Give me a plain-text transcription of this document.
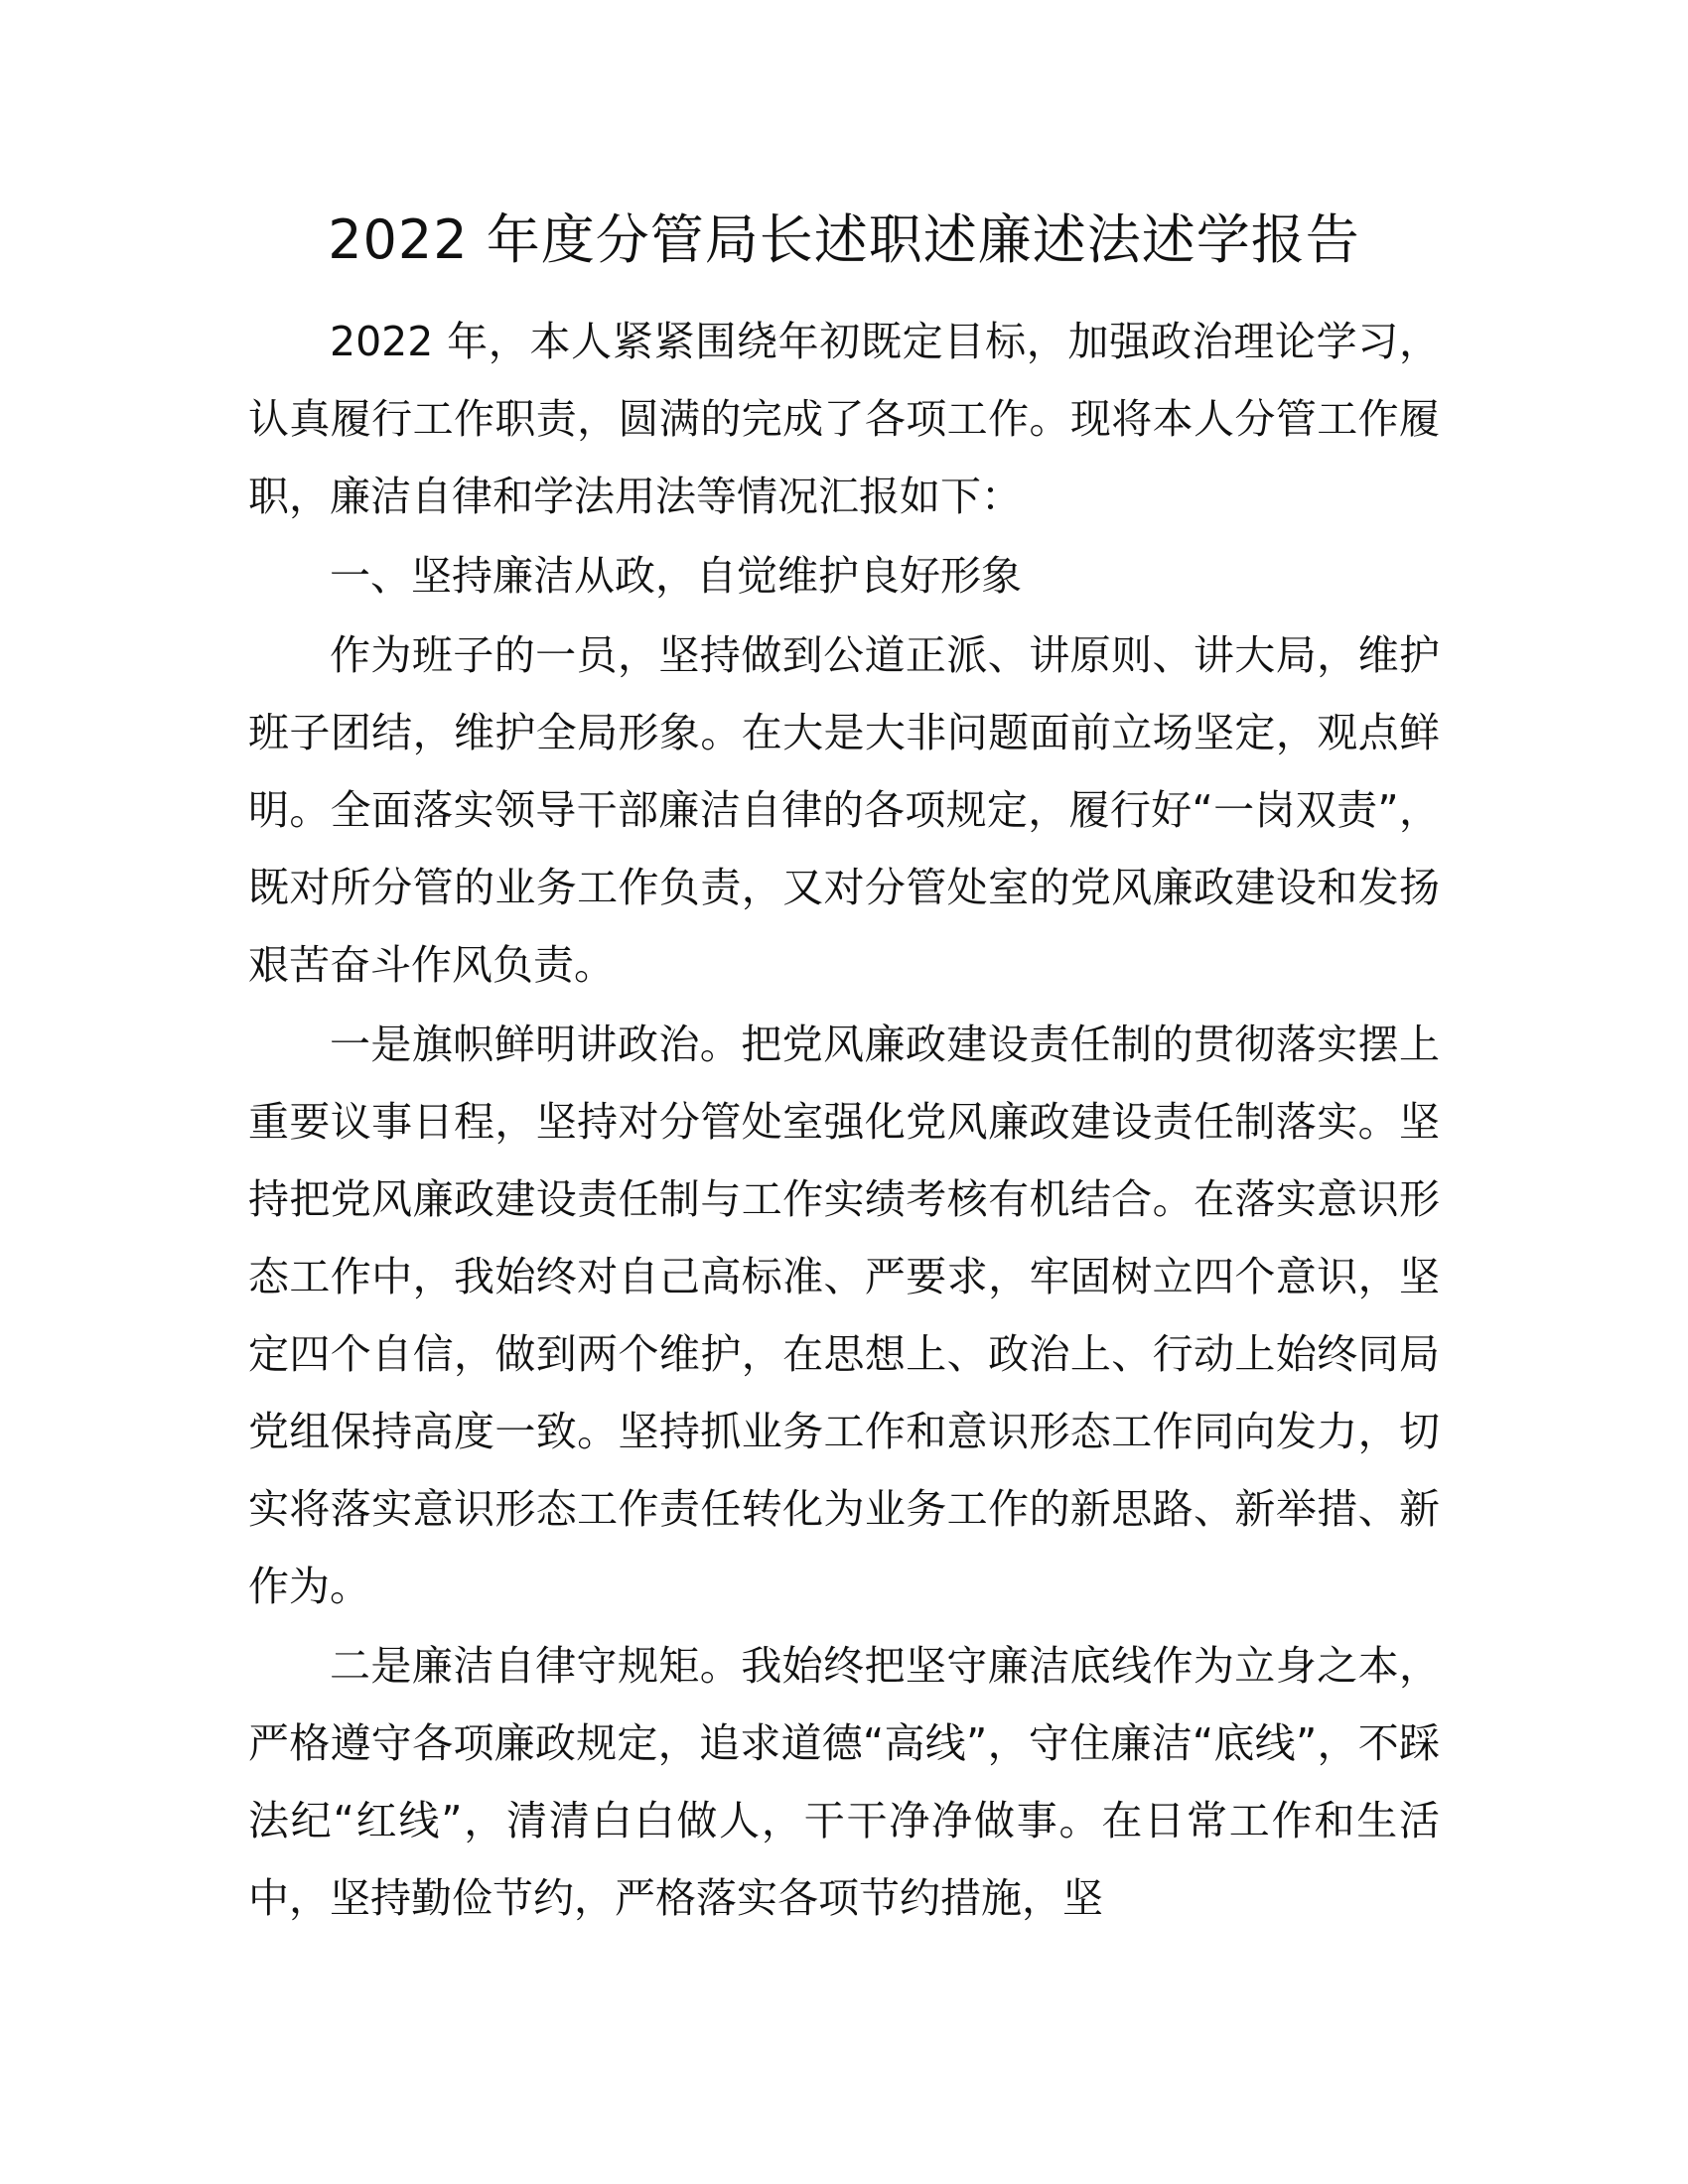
2022 年度分管局长述职述廉述法述学报告

2022 年，本人紧紧围绕年初既定目标，加强政治理论学习，认真履行工作职责，圆满的完成了各项工作。现将本人分管工作履职，廉洁自律和学法用法等情况汇报如下：

一、坚持廉洁从政，自觉维护良好形象

作为班子的一员，坚持做到公道正派、讲原则、讲大局，维护班子团结，维护全局形象。在大是大非问题面前立场坚定，观点鲜明。全面落实领导干部廉洁自律的各项规定，履行好“一岗双责”，既对所分管的业务工作负责，又对分管处室的党风廉政建设和发扬艰苦奋斗作风负责。

一是旗帜鲜明讲政治。把党风廉政建设责任制的贯彻落实摆上重要议事日程，坚持对分管处室强化党风廉政建设责任制落实。坚持把党风廉政建设责任制与工作实绩考核有机结合。在落实意识形态工作中，我始终对自己高标准、严要求，牢固树立四个意识，坚定四个自信，做到两个维护，在思想上、政治上、行动上始终同局党组保持高度一致。坚持抓业务工作和意识形态工作同向发力，切实将落实意识形态工作责任转化为业务工作的新思路、新举措、新作为。

二是廉洁自律守规矩。我始终把坚守廉洁底线作为立身之本，严格遵守各项廉政规定，追求道德“高线”，守住廉洁“底线”，不踩法纪“红线”，清清白白做人，干干净净做事。在日常工作和生活中，坚持勤俭节约，严格落实各项节约措施，坚
